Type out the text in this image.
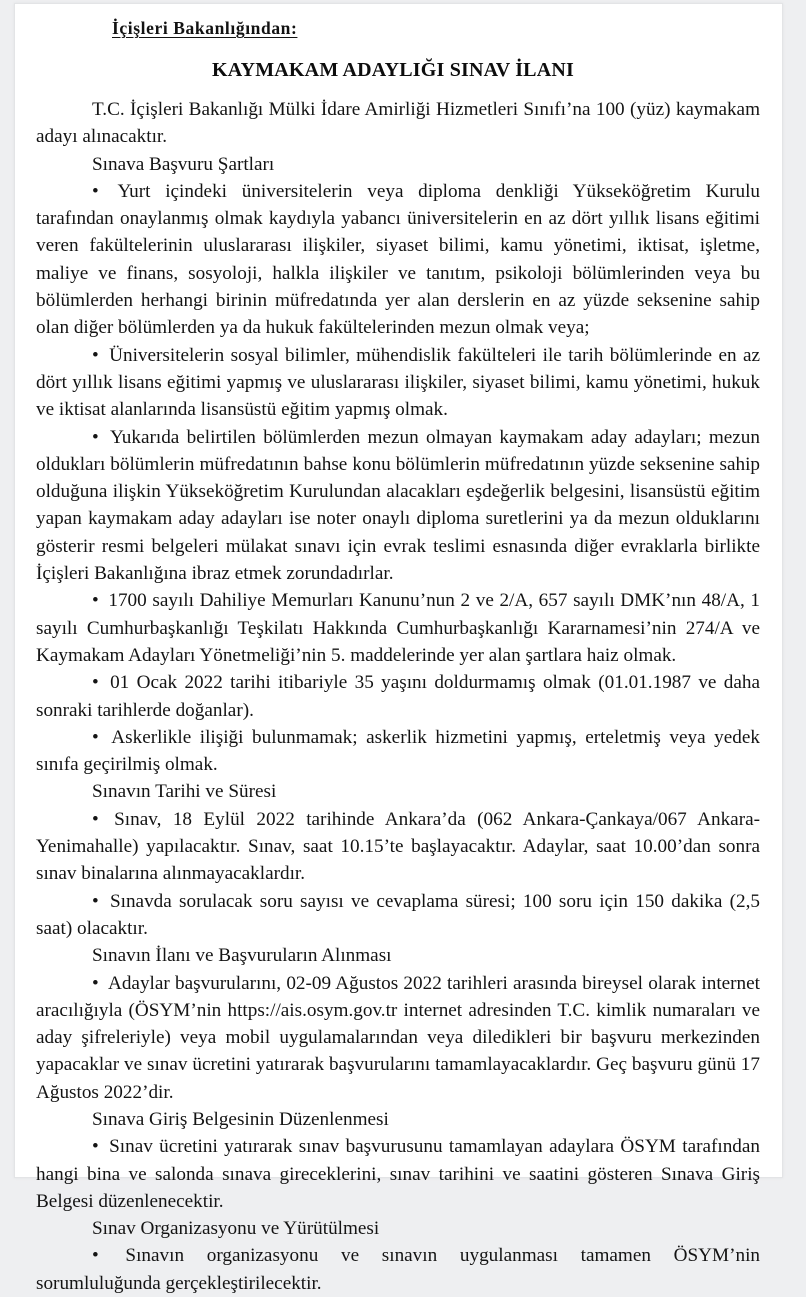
İçişleri Bakanlığından:
KAYMAKAM ADAYLIĞI SINAV İLANI

T.C. İçişleri Bakanlığı Mülki İdare Amirliği Hizmetleri Sınıfı’na 100 (yüz) kaymakam adayı alınacaktır.

Sınava Başvuru Şartları

• Yurt içindeki üniversitelerin veya diploma denkliği Yükseköğretim Kurulu tarafından onaylanmış olmak kaydıyla yabancı üniversitelerin en az dört yıllık lisans eğitimi veren fakültelerinin uluslararası ilişkiler, siyaset bilimi, kamu yönetimi, iktisat, işletme, maliye ve finans, sosyoloji, halkla ilişkiler ve tanıtım, psikoloji bölümlerinden veya bu bölümlerden herhangi birinin müfredatında yer alan derslerin en az yüzde seksenine sahip olan diğer bölümlerden ya da hukuk fakültelerinden mezun olmak veya;

• Üniversitelerin sosyal bilimler, mühendislik fakülteleri ile tarih bölümlerinde en az dört yıllık lisans eğitimi yapmış ve uluslararası ilişkiler, siyaset bilimi, kamu yönetimi, hukuk ve iktisat alanlarında lisansüstü eğitim yapmış olmak.

• Yukarıda belirtilen bölümlerden mezun olmayan kaymakam aday adayları; mezun oldukları bölümlerin müfredatının bahse konu bölümlerin müfredatının yüzde seksenine sahip olduğuna ilişkin Yükseköğretim Kurulundan alacakları eşdeğerlik belgesini, lisansüstü eğitim yapan kaymakam aday adayları ise noter onaylı diploma suretlerini ya da mezun olduklarını gösterir resmi belgeleri mülakat sınavı için evrak teslimi esnasında diğer evraklarla birlikte İçişleri Bakanlığına ibraz etmek zorundadırlar.

• 1700 sayılı Dahiliye Memurları Kanunu’nun 2 ve 2/A, 657 sayılı DMK’nın 48/A, 1 sayılı Cumhurbaşkanlığı Teşkilatı Hakkında Cumhurbaşkanlığı Kararnamesi’nin 274/A ve Kaymakam Adayları Yönetmeliği’nin 5. maddelerinde yer alan şartlara haiz olmak.

• 01 Ocak 2022 tarihi itibariyle 35 yaşını doldurmamış olmak (01.01.1987 ve daha sonraki tarihlerde doğanlar).

• Askerlikle ilişiği bulunmamak; askerlik hizmetini yapmış, erteletmiş veya yedek sınıfa geçirilmiş olmak.

Sınavın Tarihi ve Süresi

• Sınav, 18 Eylül 2022 tarihinde Ankara’da (062 Ankara-Çankaya/067 Ankara-Yenimahalle) yapılacaktır. Sınav, saat 10.15’te başlayacaktır. Adaylar, saat 10.00’dan sonra sınav binalarına alınmayacaklardır.

• Sınavda sorulacak soru sayısı ve cevaplama süresi; 100 soru için 150 dakika (2,5 saat) olacaktır.

Sınavın İlanı ve Başvuruların Alınması

• Adaylar başvurularını, 02-09 Ağustos 2022 tarihleri arasında bireysel olarak internet aracılığıyla (ÖSYM’nin https://ais.osym.gov.tr internet adresinden T.C. kimlik numaraları ve aday şifreleriyle) veya mobil uygulamalarından veya diledikleri bir başvuru merkezinden yapacaklar ve sınav ücretini yatırarak başvurularını tamamlayacaklardır. Geç başvuru günü 17 Ağustos 2022’dir.

Sınava Giriş Belgesinin Düzenlenmesi

• Sınav ücretini yatırarak sınav başvurusunu tamamlayan adaylara ÖSYM tarafından hangi bina ve salonda sınava gireceklerini, sınav tarihini ve saatini gösteren Sınava Giriş Belgesi düzenlenecektir.

Sınav Organizasyonu ve Yürütülmesi

• Sınavın organizasyonu ve sınavın uygulanması tamamen ÖSYM’nin sorumluluğunda gerçekleştirilecektir.
